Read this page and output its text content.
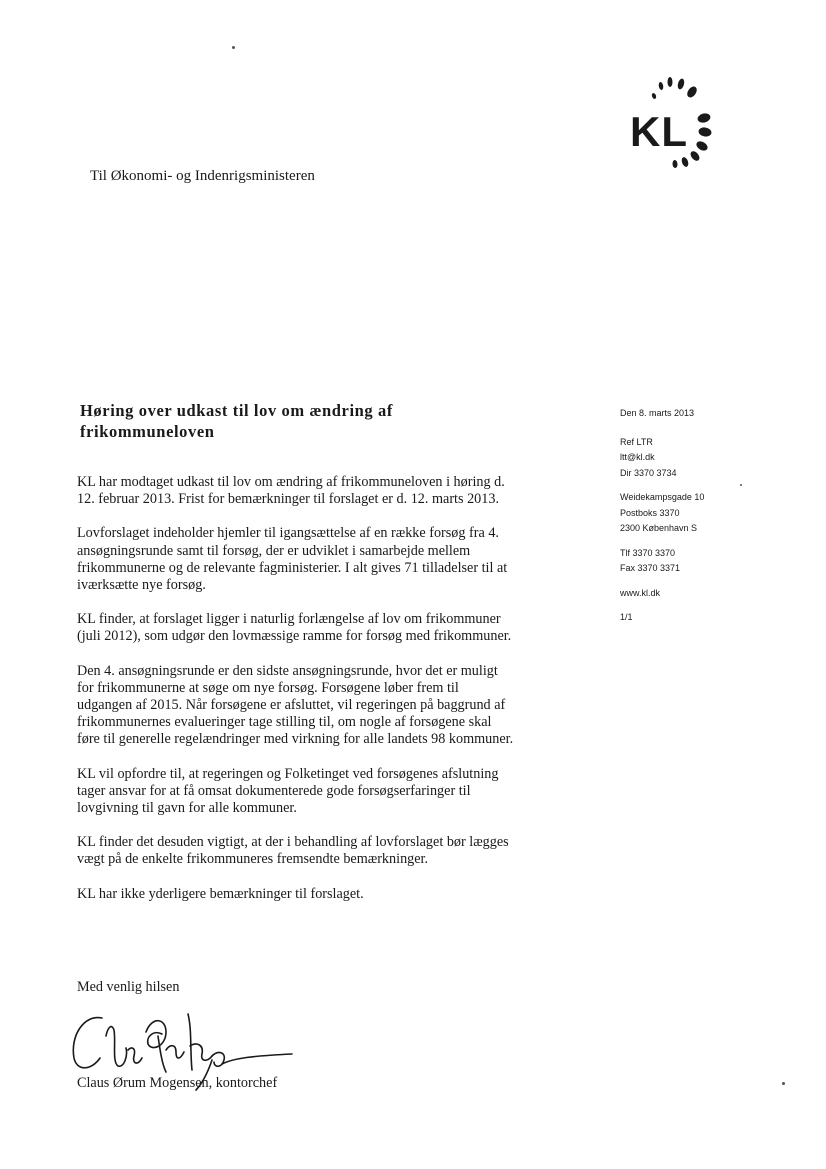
KL
Til Økonomi- og Indenrigsministeren
Høring over udkast til lov om ændring af
frikommuneloven

KL har modtaget udkast til lov om ændring af frikommuneloven i høring d.
12. februar 2013. Frist for bemærkninger til forslaget er d. 12. marts 2013.

Lovforslaget indeholder hjemler til igangsættelse af en række forsøg fra 4.
ansøgningsrunde samt til forsøg, der er udviklet i samarbejde mellem
frikommunerne og de relevante fagministerier. I alt gives 71 tilladelser til at
iværksætte nye forsøg.

KL finder, at forslaget ligger i naturlig forlængelse af lov om frikommuner
(juli 2012), som udgør den lovmæssige ramme for forsøg med frikommuner.

Den 4. ansøgningsrunde er den sidste ansøgningsrunde, hvor det er muligt
for frikommunerne at søge om nye forsøg. Forsøgene løber frem til
udgangen af 2015. Når forsøgene er afsluttet, vil regeringen på baggrund af
frikommunernes evalueringer tage stilling til, om nogle af forsøgene skal
føre til generelle regelændringer med virkning for alle landets 98 kommuner.

KL vil opfordre til, at regeringen og Folketinget ved forsøgenes afslutning
tager ansvar for at få omsat dokumenterede gode forsøgserfaringer til
lovgivning til gavn for alle kommuner.

KL finder det desuden vigtigt, at der i behandling af lovforslaget bør lægges
vægt på de enkelte frikommuneres fremsendte bemærkninger.

KL har ikke yderligere bemærkninger til forslaget.

Med venlig hilsen
Claus Ørum Mogensen, kontorchef
Den 8. marts 2013
Ref LTR
ltt@kl.dk
Dir 3370 3734
Weidekampsgade 10
Postboks 3370
2300 København S
Tlf 3370 3370
Fax 3370 3371
www.kl.dk
1/1
